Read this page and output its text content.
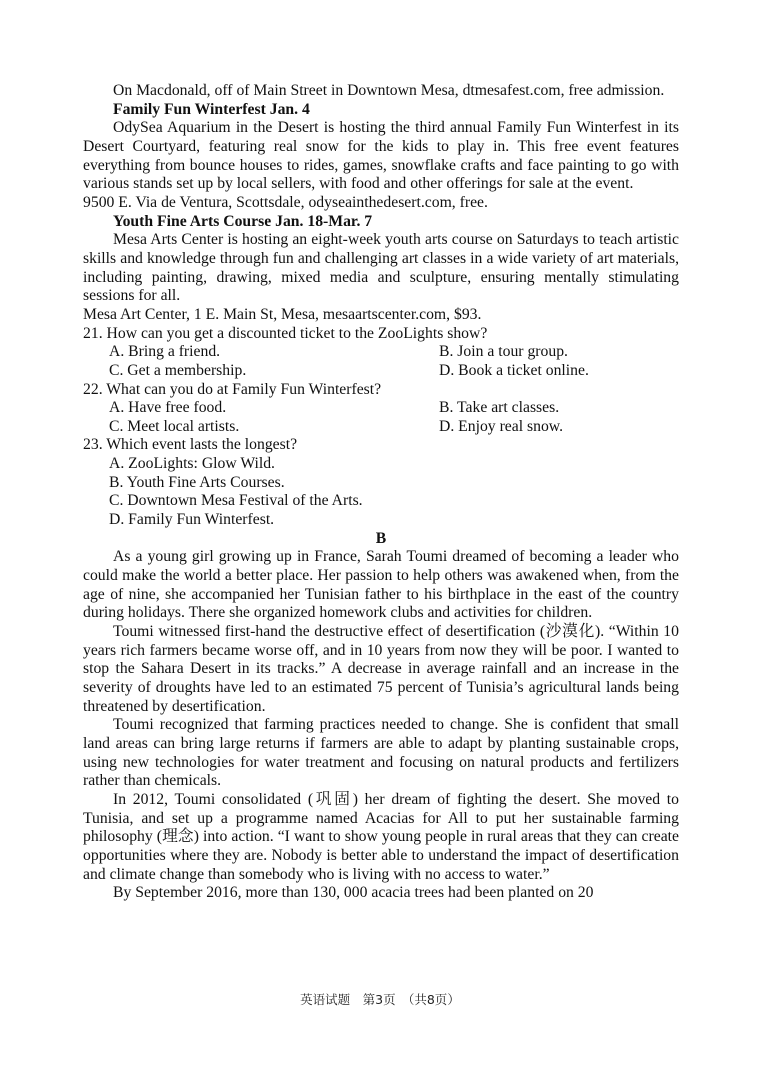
On Macdonald, off of Main Street in Downtown Mesa, dtmesafest.com, free admission.

Family Fun Winterfest Jan. 4

OdySea Aquarium in the Desert is hosting the third annual Family Fun Winterfest in its Desert Courtyard, featuring real snow for the kids to play in. This free event features everything from bounce houses to rides, games, snowflake crafts and face painting to go with various stands set up by local sellers, with food and other offerings for sale at the event.

9500 E. Via de Ventura, Scottsdale, odyseainthedesert.com, free.
Youth Fine Arts Course Jan. 18-Mar. 7

Mesa Arts Center is hosting an eight-week youth arts course on Saturdays to teach artistic skills and knowledge through fun and challenging art classes in a wide variety of art materials, including painting, drawing, mixed media and sculpture, ensuring mentally stimulating sessions for all.

Mesa Art Center, 1 E. Main St, Mesa, mesaartscenter.com, $93.
21. How can you get a discounted ticket to the ZooLights show?
A. Bring a friend.	B. Join a tour group.
C. Get a membership.	D. Book a ticket online.
22. What can you do at Family Fun Winterfest?
A. Have free food.	B. Take art classes.
C. Meet local artists.	D. Enjoy real snow.
23. Which event lasts the longest?
A. ZooLights: Glow Wild.
B. Youth Fine Arts Courses.
C. Downtown Mesa Festival of the Arts.
D. Family Fun Winterfest.
B

As a young girl growing up in France, Sarah Toumi dreamed of becoming a leader who could make the world a better place. Her passion to help others was awakened when, from the age of nine, she accompanied her Tunisian father to his birthplace in the east of the country during holidays. There she organized homework clubs and activities for children.

Toumi witnessed first-hand the destructive effect of desertification (沙漠化). “Within 10 years rich farmers became worse off, and in 10 years from now they will be poor. I wanted to stop the Sahara Desert in its tracks.” A decrease in average rainfall and an increase in the severity of droughts have led to an estimated 75 percent of Tunisia’s agricultural lands being threatened by desertification.

Toumi recognized that farming practices needed to change. She is confident that small land areas can bring large returns if farmers are able to adapt by planting sustainable crops, using new technologies for water treatment and focusing on natural products and fertilizers rather than chemicals.

In 2012, Toumi consolidated (巩固) her dream of fighting the desert. She moved to Tunisia, and set up a programme named Acacias for All to put her sustainable farming philosophy (理念) into action. “I want to show young people in rural areas that they can create opportunities where they are. Nobody is better able to understand the impact of desertification and climate change than somebody who is living with no access to water.”

By September 2016, more than 130, 000 acacia trees had been planted on 20

英语试题　第3页　（共8页）
